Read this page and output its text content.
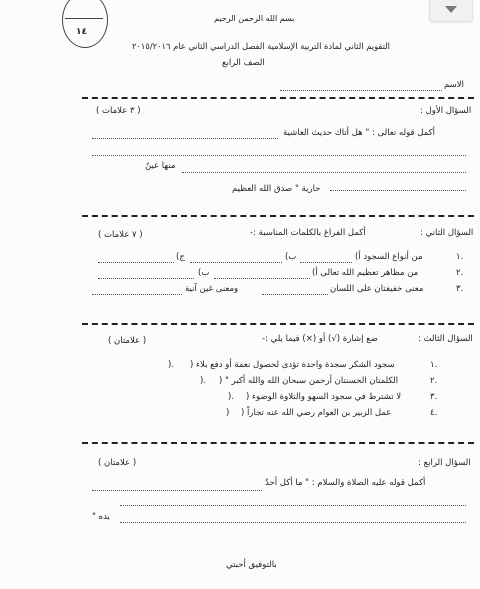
١٤
بسم الله الرحمن الرحيم
التقويم الثاني لمادة التربية الإسلامية الفصل الدراسي الثاني عام ٢٠١٥/٢٠١٦
الصف الرابع
الاسم
السؤال الأول :
( ٣ علامات )
أكمل قوله تعالى : " هل أتاك حديث الغاشية
منها عينٌ
حارية " صدق الله العظيم
السؤال الثاني :
أكمل الفراغ بالكلمات المناسبة :-
( ٧ علامات )
١.
من أنواع السجود أ)
ب)
ج)
٢.
من مظاهر تعظيم الله تعالى أ)
ب)
٣.
معنى خفيفتان على اللسان
ومعنى غين آنية
السؤال الثالث :
ضع إشارة (√) أو (×) فيما يلي :-
( علامتان )
١.
سجود الشكر سجدة واحدة تؤدى لحصول نعمة أو دفع بلاء (
).
٢.
الكلمتان الحسنتان أرحمن سبحان الله والله أكبر " (
).
٣.
لا تشترط في سجود السهو والتلاوة الوضوء (
).
٤.
عمل الزبير بن العوام رضي الله عنه تجاراً (
)
السؤال الرابع :
( علامتان )
أكمل قوله عليه الصلاة والسلام : " ما أكل أحدٌ
يده "
بالتوفيق أحبتي
